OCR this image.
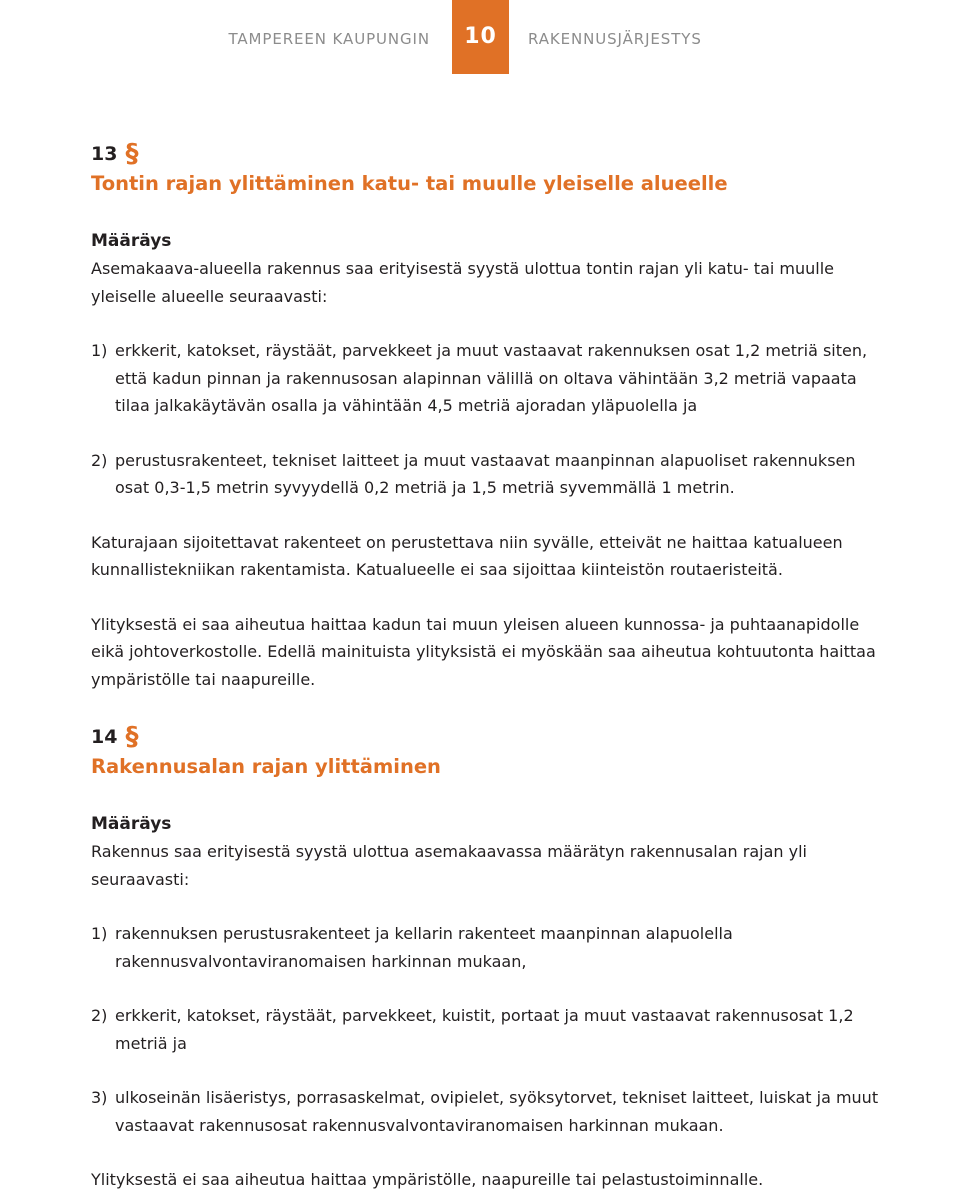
TAMPEREEN KAUPUNGIN	10	RAKENNUSJÄRJESTYS
13 §
Tontin rajan ylittäminen katu- tai muulle yleiselle alueelle
Määräys

Asemakaava-alueella rakennus saa erityisestä syystä ulottua tontin rajan yli katu- tai muulle yleiselle alueelle seuraavasti:

1) erkkerit, katokset, räystäät, parvekkeet ja muut vastaavat rakennuksen osat 1,2 metriä siten, että kadun pinnan ja rakennusosan alapinnan välillä on oltava vähintään 3,2 metriä vapaata tilaa jalkakäytävän osalla ja vähintään 4,5 metriä ajoradan yläpuolella ja
2) perustusrakenteet, tekniset laitteet ja muut vastaavat maanpinnan alapuoliset rakennuksen osat 0,3-1,5 metrin syvyydellä 0,2 metriä ja 1,5 metriä syvemmällä 1 metrin.

Katurajaan sijoitettavat rakenteet on perustettava niin syvälle, etteivät ne haittaa katualueen kunnallistekniikan rakentamista. Katualueelle ei saa sijoittaa kiinteistön routaeristeitä.

Ylityksestä ei saa aiheutua haittaa kadun tai muun yleisen alueen kunnossa- ja puhtaanapidolle eikä johtoverkostolle. Edellä mainituista ylityksistä ei myöskään saa aiheutua kohtuutonta haittaa ympäristölle tai naapureille.

14 §
Rakennusalan rajan ylittäminen
Määräys

Rakennus saa erityisestä syystä ulottua asemakaavassa määrätyn rakennusalan rajan yli seuraavasti:

1) rakennuksen perustusrakenteet ja kellarin rakenteet maanpinnan alapuolella rakennusvalvontaviranomaisen harkinnan mukaan,
2) erkkerit, katokset, räystäät, parvekkeet, kuistit, portaat ja muut vastaavat rakennusosat 1,2 metriä ja
3) ulkoseinän lisäeristys, porrasaskelmat, ovipielet, syöksytorvet, tekniset laitteet, luiskat ja muut vastaavat rakennusosat rakennusvalvontaviranomaisen harkinnan mukaan.

Ylityksestä ei saa aiheutua haittaa ympäristölle, naapureille tai pelastustoiminnalle.
